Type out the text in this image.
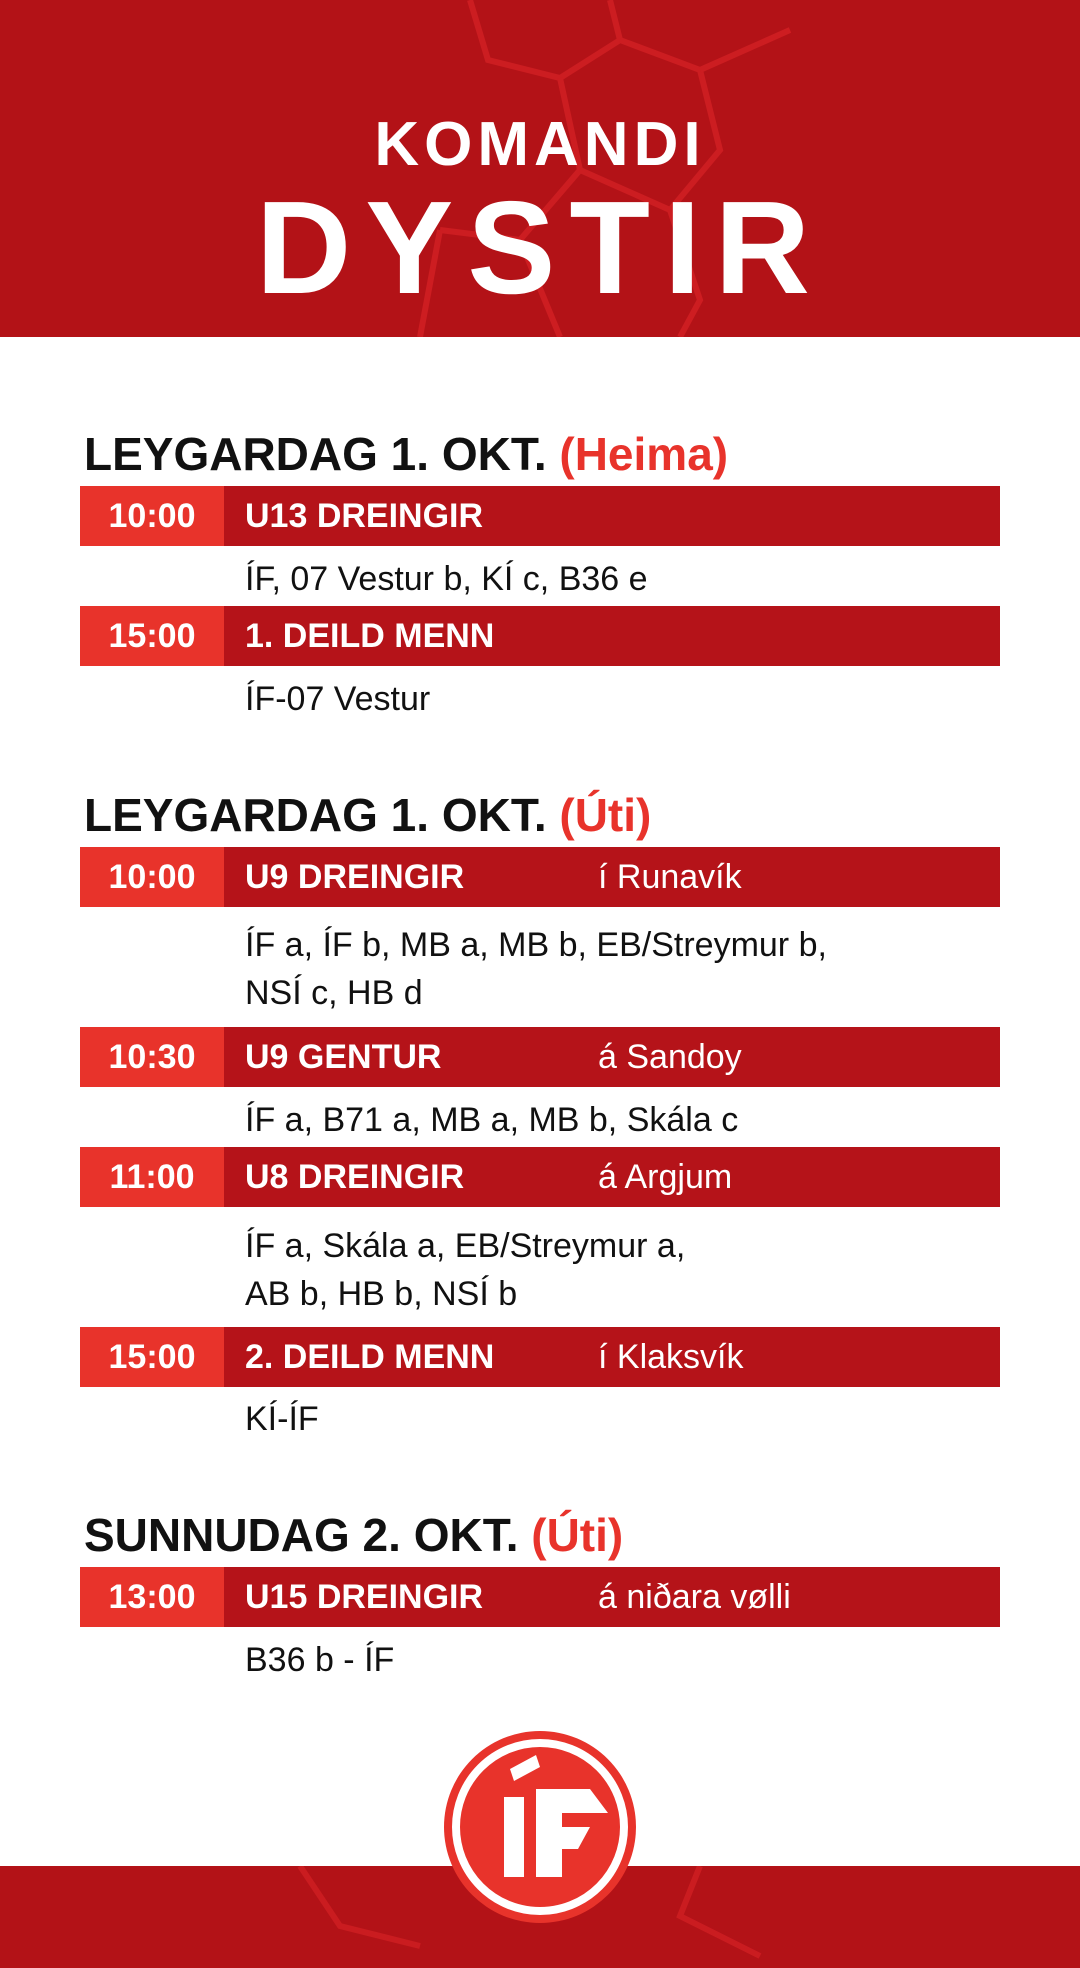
KOMANDI
DYSTIR
LEYGARDAG 1. OKT. (Heima)
10:00	U13 DREINGIR
ÍF, 07 Vestur b, KÍ c, B36 e
15:00	1. DEILD MENN
ÍF-07 Vestur
LEYGARDAG 1. OKT. (Úti)
10:00	U9 DREINGIR	í Runavík
ÍF a, ÍF b, MB a, MB b, EB/Streymur b,
NSÍ c, HB d
10:30	U9 GENTUR	á Sandoy
ÍF a, B71 a, MB a, MB b, Skála c
11:00	U8 DREINGIR	á Argjum
ÍF a, Skála a, EB/Streymur a,
AB b, HB b, NSÍ b
15:00	2. DEILD MENN	í Klaksvík
KÍ-ÍF
SUNNUDAG 2. OKT. (Úti)
13:00	U15 DREINGIR	á niðara vølli
B36 b - ÍF
